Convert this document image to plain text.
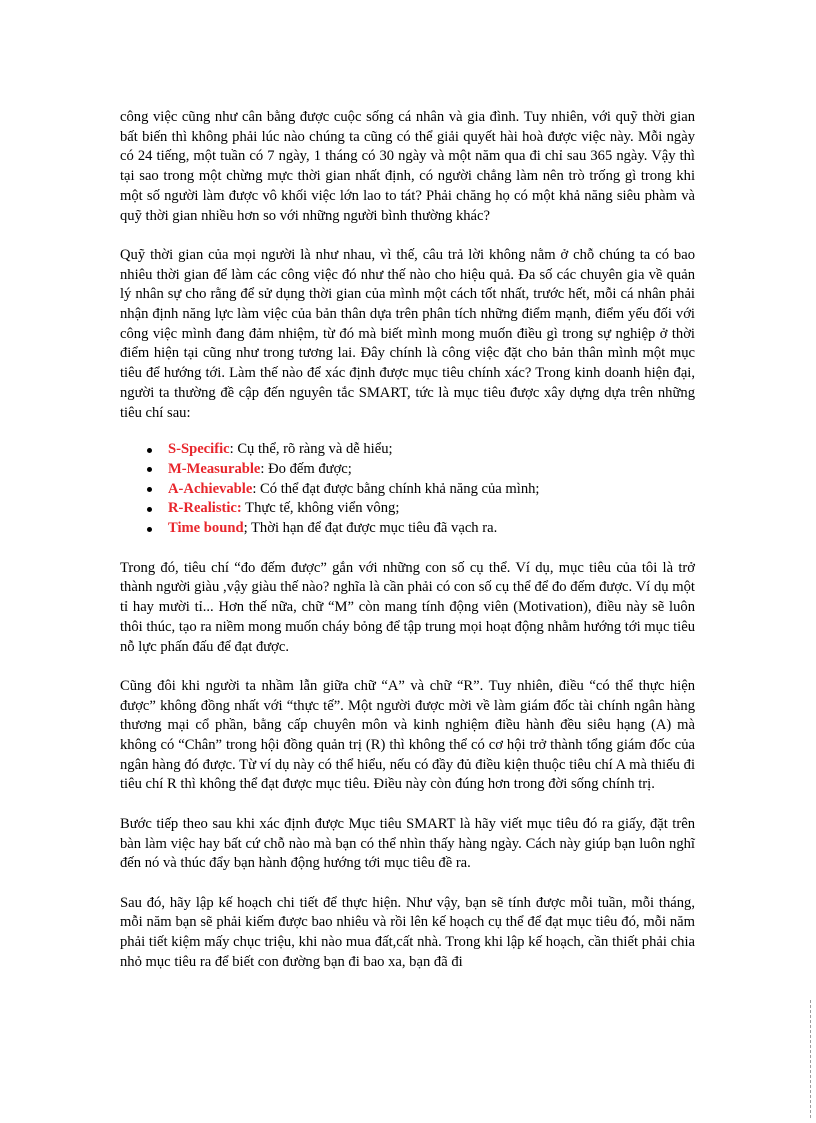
công việc cũng như cân bằng được cuộc sống cá nhân và gia đình. Tuy nhiên, với quỹ thời gian bất biến thì không phải lúc nào chúng ta cũng có thể giải quyết hài hoà được việc này. Mỗi ngày có 24 tiếng, một tuần có 7 ngày, 1 tháng có 30 ngày và một năm qua đi chỉ sau 365 ngày. Vậy thì tại sao trong một chừng mực thời gian nhất định, có người chẳng làm nên trò trống gì trong khi một số người làm được vô khối việc lớn lao to tát? Phải chăng họ có một khả năng siêu phàm và quỹ thời gian nhiều hơn so với những người bình thường khác?

Quỹ thời gian của mọi người là như nhau, vì thế, câu trả lời không nằm ở chỗ chúng ta có bao nhiêu thời gian để làm các công việc đó như thế nào cho hiệu quả. Đa số các chuyên gia về quản lý nhân sự cho rằng để sử dụng thời gian của mình một cách tốt nhất, trước hết, mỗi cá nhân phải nhận định năng lực làm việc của bản thân dựa trên phân tích những điểm mạnh, điểm yếu đối với công việc mình đang đảm nhiệm, từ đó mà biết mình mong muốn điều gì trong sự nghiệp ở thời điểm hiện tại cũng như trong tương lai. Đây chính là công việc đặt cho bản thân mình một mục tiêu để hướng tới. Làm thế nào để xác định được mục tiêu chính xác? Trong kinh doanh hiện đại, người ta thường đề cập đến nguyên tắc SMART, tức là mục tiêu được xây dựng dựa trên những tiêu chí sau:

S-Specific: Cụ thể, rõ ràng và dễ hiểu;
M-Measurable: Đo đếm được;
A-Achievable: Có thể đạt được bằng chính khả năng của mình;
R-Realistic: Thực tế, không viển vông;
Time bound; Thời hạn để đạt được mục tiêu đã vạch ra.

Trong đó, tiêu chí “đo đếm được” gắn với những con số cụ thể. Ví dụ, mục tiêu của tôi là trở thành người giàu ,vậy giàu thế nào? nghĩa là cần phải có con số cụ thể để đo đếm được. Ví dụ một tỉ hay mười tỉ... Hơn thế nữa, chữ “M” còn mang tính động viên (Motivation), điều này sẽ luôn thôi thúc, tạo ra niềm mong muốn cháy bỏng để tập trung mọi hoạt động nhằm hướng tới mục tiêu nỗ lực phấn đấu để đạt được.

Cũng đôi khi người ta nhầm lẫn giữa chữ “A” và chữ “R”. Tuy nhiên, điều “có thể thực hiện được” không đồng nhất với “thực tế”. Một người được mời về làm giám đốc tài chính ngân hàng thương mại cổ phần, bằng cấp chuyên môn và kinh nghiệm điều hành đều siêu hạng (A) mà không có “Chân” trong hội đồng quản trị (R) thì không thể có cơ hội trở thành tổng giám đốc của ngân hàng đó được. Từ ví dụ này có thể hiểu, nếu có đầy đủ điều kiện thuộc tiêu chí A mà thiếu đi tiêu chí R thì không thể đạt được mục tiêu. Điều này còn đúng hơn trong đời sống chính trị.

Bước tiếp theo sau khi xác định được Mục tiêu SMART là hãy viết mục tiêu đó ra giấy, đặt trên bàn làm việc hay bất cứ chỗ nào mà bạn có thể nhìn thấy hàng ngày. Cách này giúp bạn luôn nghĩ đến nó và thúc đẩy bạn hành động hướng tới mục tiêu đề ra.

Sau đó, hãy lập kế hoạch chi tiết để thực hiện. Như vậy, bạn sẽ tính được mỗi tuần, mỗi tháng, mỗi năm bạn sẽ phải kiếm được bao nhiêu và rồi lên kế hoạch cụ thể để đạt mục tiêu đó, mỗi năm phải tiết kiệm mấy chục triệu, khi nào mua đất,cất nhà. Trong khi lập kế hoạch, cần thiết phải chia nhỏ mục tiêu ra để biết con đường bạn đi bao xa, bạn đã đi
